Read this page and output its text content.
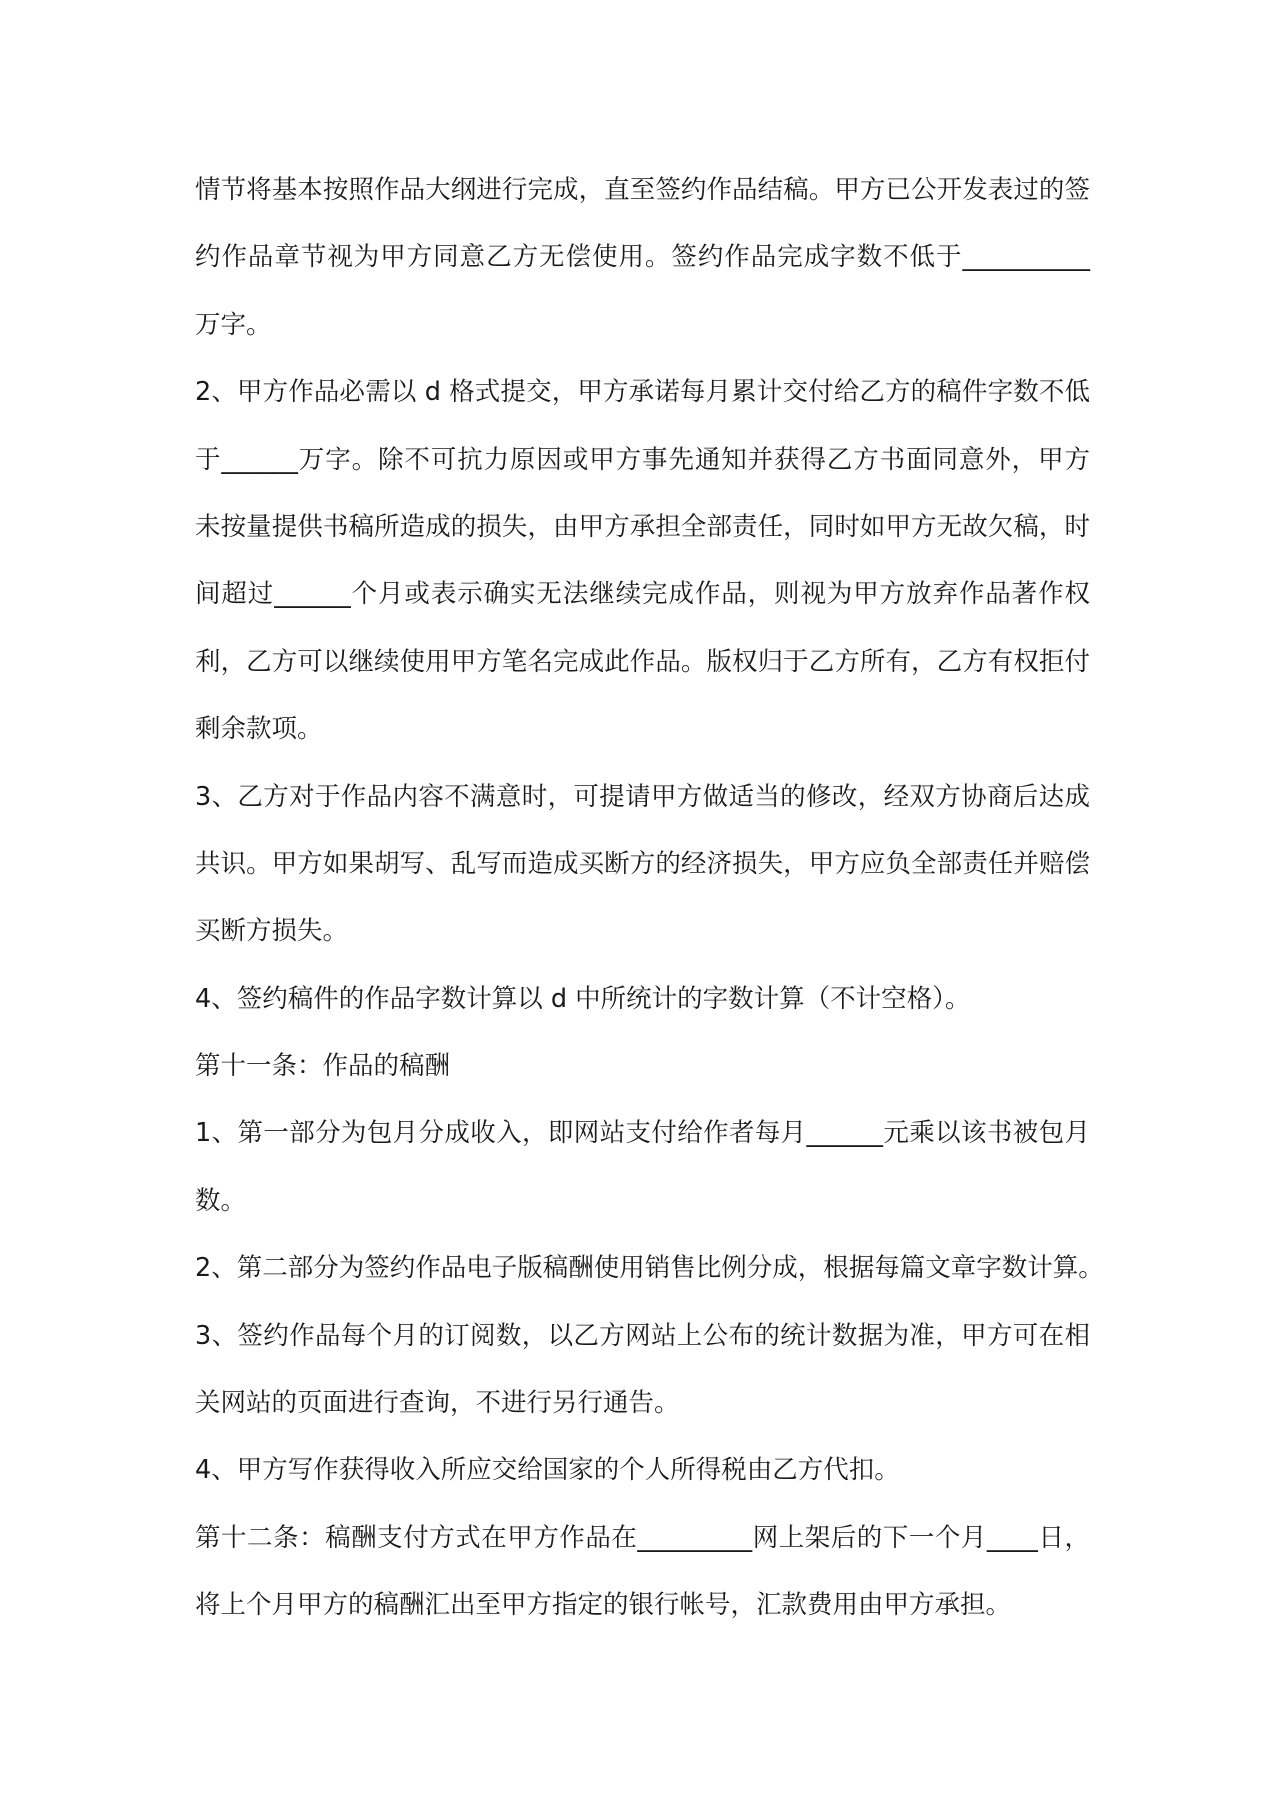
情节将基本按照作品大纲进行完成，直至签约作品结稿。甲方已公开发表过的签
约作品章节视为甲方同意乙方无偿使用。签约作品完成字数不低于__________
万字。
2、甲方作品必需以 d 格式提交，甲方承诺每月累计交付给乙方的稿件字数不低
于______万字。除不可抗力原因或甲方事先通知并获得乙方书面同意外，甲方
未按量提供书稿所造成的损失，由甲方承担全部责任，同时如甲方无故欠稿，时
间超过______个月或表示确实无法继续完成作品，则视为甲方放弃作品著作权
利，乙方可以继续使用甲方笔名完成此作品。版权归于乙方所有，乙方有权拒付
剩余款项。
3、乙方对于作品内容不满意时，可提请甲方做适当的修改，经双方协商后达成
共识。甲方如果胡写、乱写而造成买断方的经济损失，甲方应负全部责任并赔偿
买断方损失。
4、签约稿件的作品字数计算以 d 中所统计的字数计算（不计空格）。
第十一条：作品的稿酬
1、第一部分为包月分成收入，即网站支付给作者每月______元乘以该书被包月
数。
2、第二部分为签约作品电子版稿酬使用销售比例分成，根据每篇文章字数计算。
3、签约作品每个月的订阅数，以乙方网站上公布的统计数据为准，甲方可在相
关网站的页面进行查询，不进行另行通告。
4、甲方写作获得收入所应交给国家的个人所得税由乙方代扣。
第十二条：稿酬支付方式在甲方作品在_________网上架后的下一个月____日，
将上个月甲方的稿酬汇出至甲方指定的银行帐号，汇款费用由甲方承担。
